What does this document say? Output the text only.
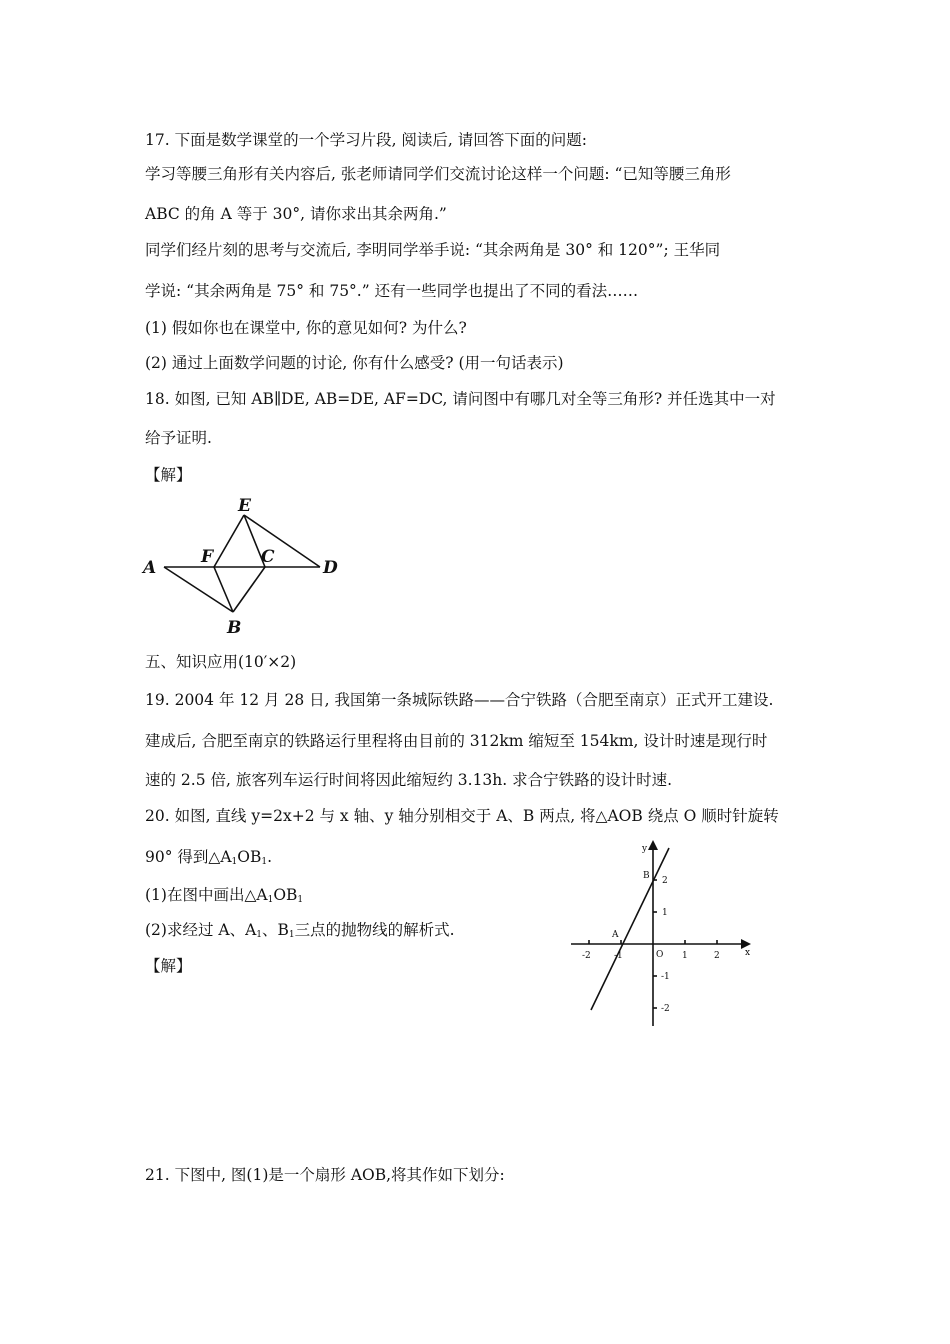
17. 下面是数学课堂的一个学习片段, 阅读后, 请回答下面的问题:
学习等腰三角形有关内容后, 张老师请同学们交流讨论这样一个问题: “已知等腰三角形
ABC 的角 A 等于 30°, 请你求出其余两角.”
同学们经片刻的思考与交流后, 李明同学举手说: “其余两角是 30° 和 120°”; 王华同
学说: “其余两角是 75° 和 75°.” 还有一些同学也提出了不同的看法……
(1) 假如你也在课堂中, 你的意见如何? 为什么?
(2) 通过上面数学问题的讨论, 你有什么感受? (用一句话表示)
18. 如图, 已知 AB∥DE, AB=DE, AF=DC, 请问图中有哪几对全等三角形? 并任选其中一对
给予证明.
【解】
A
F	C
D
E
B
五、知识应用(10′×2)
19. 2004 年 12 月 28 日, 我国第一条城际铁路——合宁铁路（合肥至南京）正式开工建设.
建成后, 合肥至南京的铁路运行里程将由目前的 312km 缩短至 154km, 设计时速是现行时
速的 2.5 倍, 旅客列车运行时间将因此缩短约 3.13h. 求合宁铁路的设计时速.
20. 如图, 直线 y=2x+2 与 x 轴、y 轴分别相交于 A、B 两点, 将△AOB 绕点 O 顺时针旋转
90° 得到$\triangle A_1OB_1$.
(1)在图中画出$\triangle A_1OB_1$
(2)求经过 A、$A_1$、$B_1$三点的抛物线的解析式.
【解】
x
y
O
A
B
-2	-1	1	2
2
1
-1
-2
21. 下图中, 图(1)是一个扇形 AOB,将其作如下划分:
